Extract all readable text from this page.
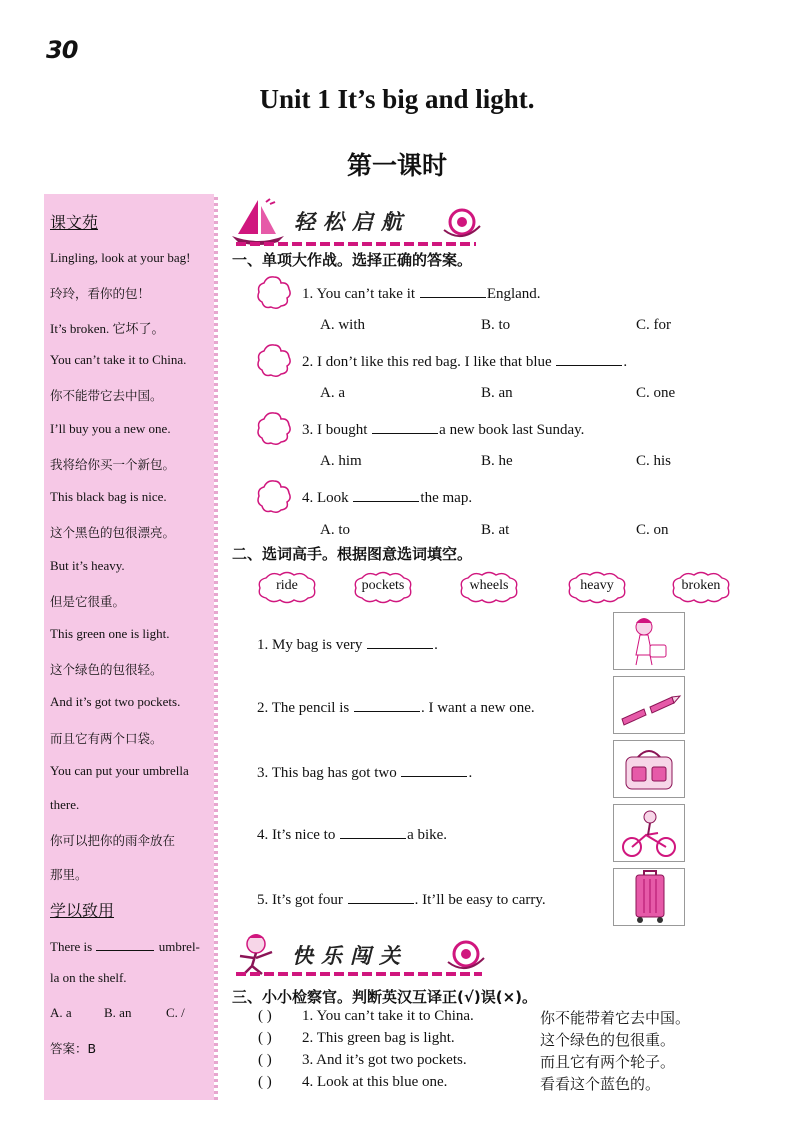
30
Unit 1 It’s big and light.
第一课时
课文苑
Lingling, look at your bag!
玲玲，看你的包！
It’s broken. 它坏了。
You can’t take it to China.
你不能带它去中国。
I’ll buy you a new one.
我将给你买一个新包。
This black bag is nice.
这个黑色的包很漂亮。
But it’s heavy.
但是它很重。
This green one is light.
这个绿色的包很轻。
And it’s got two pockets.
而且它有两个口袋。
You can put your umbrella
there.
你可以把你的雨伞放在
那里。
学以致用
There is	umbrel-
la on the shelf.
A. a B. an	C. /
答案：B
轻松启航
一、单项大作战。选择正确的答案。
1. You can’t take it	England.
A. with	B. to	C. for
2. I don’t like this red bag. I like that blue	.
A. a	B. an	C. one
3. I bought	a new book last Sunday.
A. him	B. he	C. his
4. Look	the map.
A. to	B. at	C. on
二、选词高手。根据图意选词填空。
ride	pockets	wheels	heavy	broken
1. My bag is very	.
2. The pencil is	. I want a new one.
3. This bag has got two	.
4. It’s nice to	a bike.
5. It’s got four	. It’ll be easy to carry.
快乐闯关
三、小小检察官。判断英汉互译正(√)误(×)。
( ) 1. You can’t take it to China.	你不能带着它去中国。
( ) 2. This green bag is light.	这个绿色的包很重。
( ) 3. And it’s got two pockets.	而且它有两个轮子。
( ) 4. Look at this blue one.	看看这个蓝色的。
